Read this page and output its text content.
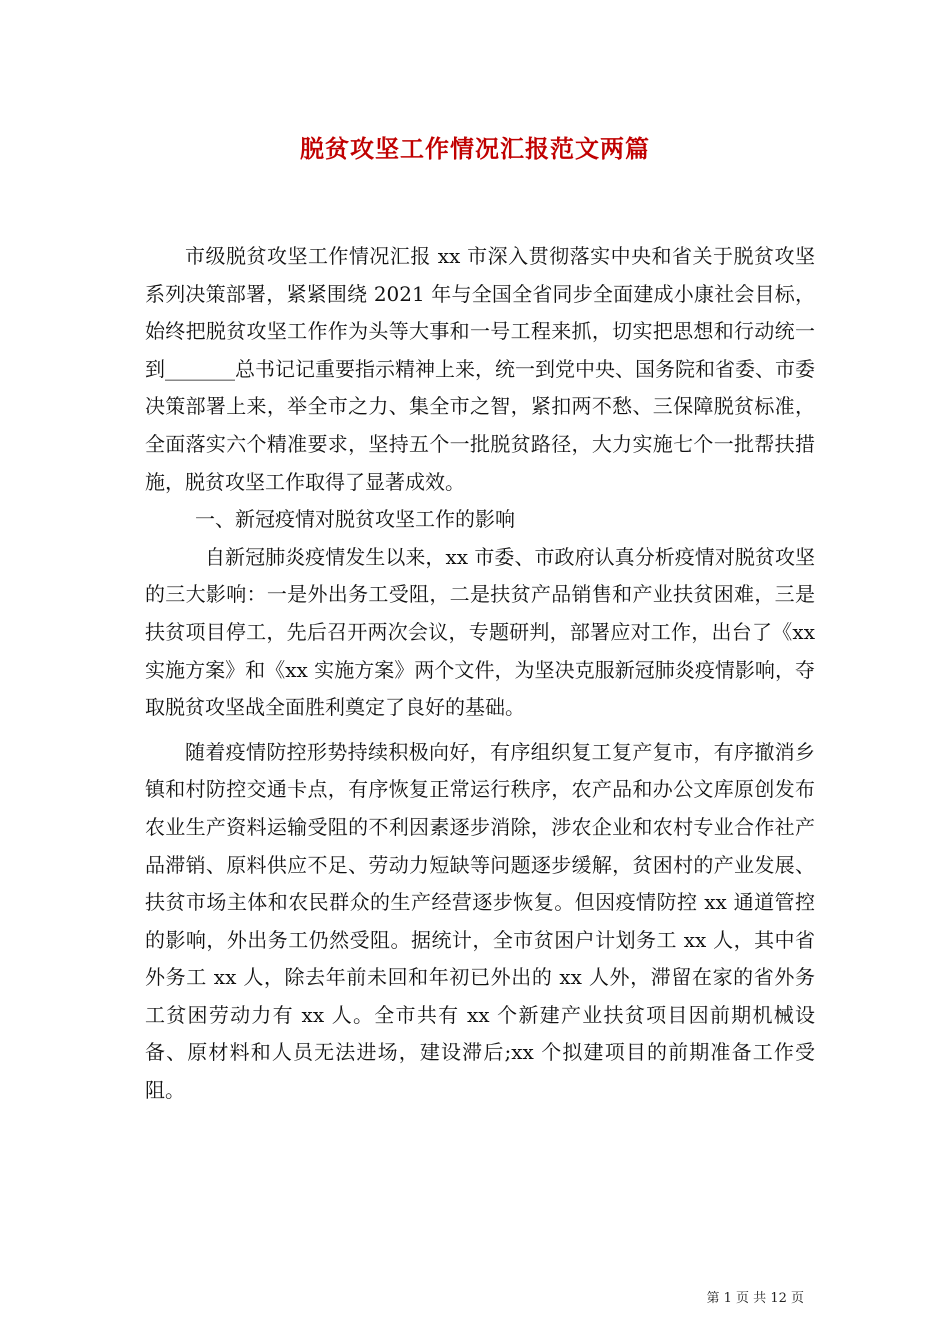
脱贫攻坚工作情况汇报范文两篇

市级脱贫攻坚工作情况汇报 xx 市深入贯彻落实中央和省关于脱贫攻坚系列决策部署，紧紧围绕 2021 年与全国全省同步全面建成小康社会目标，始终把脱贫攻坚工作作为头等大事和一号工程来抓，切实把思想和行动统一到_______总书记记重要指示精神上来，统一到党中央、国务院和省委、市委决策部署上来，举全市之力、集全市之智，紧扣两不愁、三保障脱贫标准，全面落实六个精准要求，坚持五个一批脱贫路径，大力实施七个一批帮扶措施，脱贫攻坚工作取得了显著成效。

一、新冠疫情对脱贫攻坚工作的影响

自新冠肺炎疫情发生以来，xx 市委、市政府认真分析疫情对脱贫攻坚的三大影响：一是外出务工受阻，二是扶贫产品销售和产业扶贫困难，三是扶贫项目停工，先后召开两次会议，专题研判，部署应对工作，出台了《xx 实施方案》和《xx 实施方案》两个文件，为坚决克服新冠肺炎疫情影响，夺取脱贫攻坚战全面胜利奠定了良好的基础。

随着疫情防控形势持续积极向好，有序组织复工复产复市，有序撤消乡镇和村防控交通卡点，有序恢复正常运行秩序，农产品和办公文库原创发布农业生产资料运输受阻的不利因素逐步消除，涉农企业和农村专业合作社产品滞销、原料供应不足、劳动力短缺等问题逐步缓解，贫困村的产业发展、扶贫市场主体和农民群众的生产经营逐步恢复。但因疫情防控 xx 通道管控的影响，外出务工仍然受阻。据统计，全市贫困户计划务工 xx 人，其中省外务工 xx 人，除去年前未回和年初已外出的 xx 人外，滞留在家的省外务工贫困劳动力有 xx 人。全市共有 xx 个新建产业扶贫项目因前期机械设备、原材料和人员无法进场，建设滞后;xx 个拟建项目的前期准备工作受阻。

第 1 页 共 12 页
